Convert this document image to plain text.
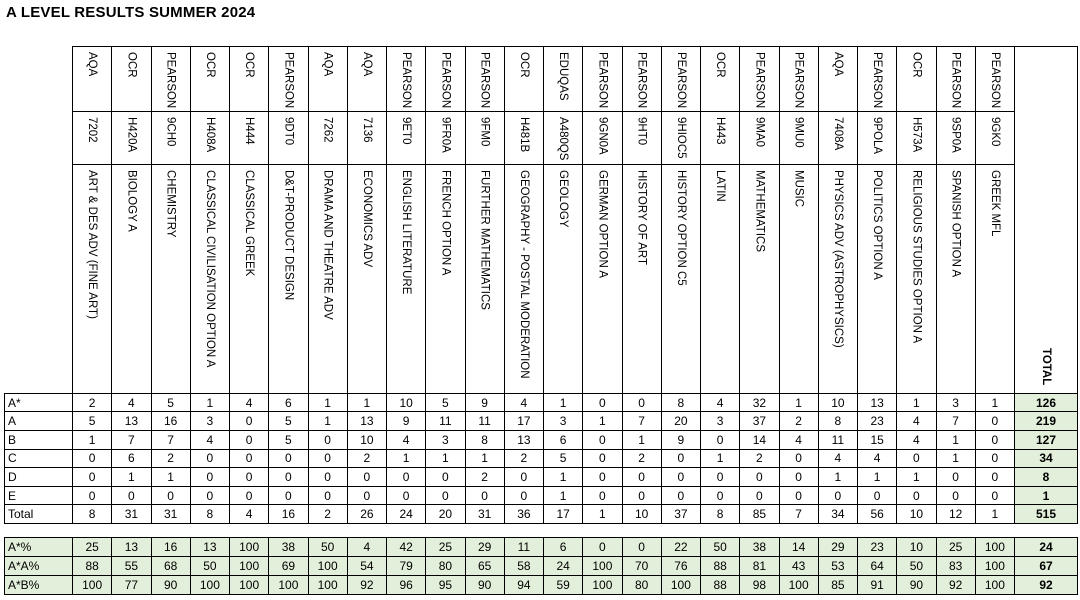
A LEVEL RESULTS SUMMER 2024
	AQA	OCR	PEARSON	OCR	OCR	PEARSON	AQA	AQA	PEARSON	PEARSON	PEARSON	OCR	EDUQAS	PEARSON	PEARSON	PEARSON	OCR	PEARSON	PEARSON	AQA	PEARSON	OCR	PEARSON	PEARSON	TOTAL
	7202	H420A	9CH0	H408A	H444	9DT0	7262	7136	9ET0	9FR0A	9FM0	H481B	A480QS	9GN0A	9HT0	9HIOC5	H443	9MA0	9MU0	7408A	9POLA	H573A	9SP0A	9GK0	
	ART & DES ADV (FINE ART)	BIOLOGY A	CHEMISTRY	CLASSICAL CIVILISATION OPTION A	CLASSICAL GREEK	D&T-PRODUCT DESIGN	DRAMA AND THEATRE ADV	ECONOMICS ADV	ENGLISH LITERATURE	FRENCH OPTION A	FURTHER MATHEMATICS	GEOGRAPHY - POSTAL MODERATION	GEOLOGY	GERMAN OPTION A	HISTORY OF ART	HISTORY OPTION C5	LATIN	MATHEMATICS	MUSIC	PHYSICS ADV (ASTROPHYSICS)	POLITICS OPTION A	RELIGIOUS STUDIES OPTION A	SPANISH OPTION A	GREEK MFL	
A*	2	4	5	1	4	6	1	1	10	5	9	4	1	0	0	8	4	32	1	10	13	1	3	1	126
A	5	13	16	3	0	5	1	13	9	11	11	17	3	1	7	20	3	37	2	8	23	4	7	0	219
B	1	7	7	4	0	5	0	10	4	3	8	13	6	0	1	9	0	14	4	11	15	4	1	0	127
C	0	6	2	0	0	0	0	2	1	1	1	2	5	0	2	0	1	2	0	4	4	0	1	0	34
D	0	1	1	0	0	0	0	0	0	0	2	0	1	0	0	0	0	0	0	1	1	1	0	0	8
E	0	0	0	0	0	0	0	0	0	0	0	0	1	0	0	0	0	0	0	0	0	0	0	0	1
Total	8	31	31	8	4	16	2	26	24	20	31	36	17	1	10	37	8	85	7	34	56	10	12	1	515
A*%	25	13	16	13	100	38	50	4	42	25	29	11	6	0	0	22	50	38	14	29	23	10	25	100	24
A*A%	88	55	68	50	100	69	100	54	79	80	65	58	24	100	70	76	88	81	43	53	64	50	83	100	67
A*B%	100	77	90	100	100	100	100	92	96	95	90	94	59	100	80	100	88	98	100	85	91	90	92	100	92
